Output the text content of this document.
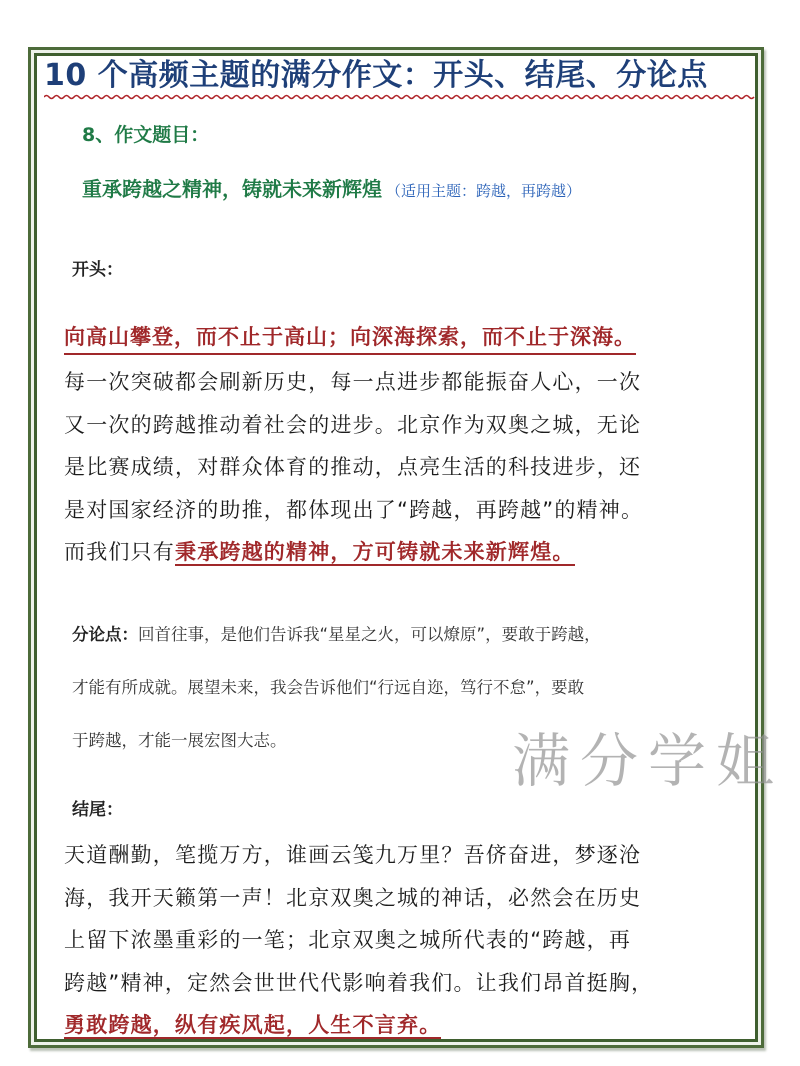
10 个高频主题的满分作文：开头、结尾、分论点
8、作文题目：
重承跨越之精神，铸就未来新辉煌 （适用主题：跨越，再跨越）
开头：
向高山攀登，而不止于高山；向深海探索，而不止于深海。
每一次突破都会刷新历史，每一点进步都能振奋人心，一次
又一次的跨越推动着社会的进步。北京作为双奥之城，无论
是比赛成绩，对群众体育的推动，点亮生活的科技进步，还
是对国家经济的助推，都体现出了“跨越，再跨越”的精神。
而我们只有秉承跨越的精神，方可铸就未来新辉煌。
分论点：回首往事，是他们告诉我“星星之火，可以燎原”，要敢于跨越，
才能有所成就。展望未来，我会告诉他们“行远自迩，笃行不怠”，要敢
于跨越，才能一展宏图大志。	满分学姐
结尾：
天道酬勤，笔揽万方，谁画云笺九万里？吾侪奋进，梦逐沧
海，我开天籁第一声！北京双奥之城的神话，必然会在历史
上留下浓墨重彩的一笔；北京双奥之城所代表的“跨越，再
跨越”精神，定然会世世代代影响着我们。让我们昂首挺胸，
勇敢跨越，纵有疾风起，人生不言弃。
